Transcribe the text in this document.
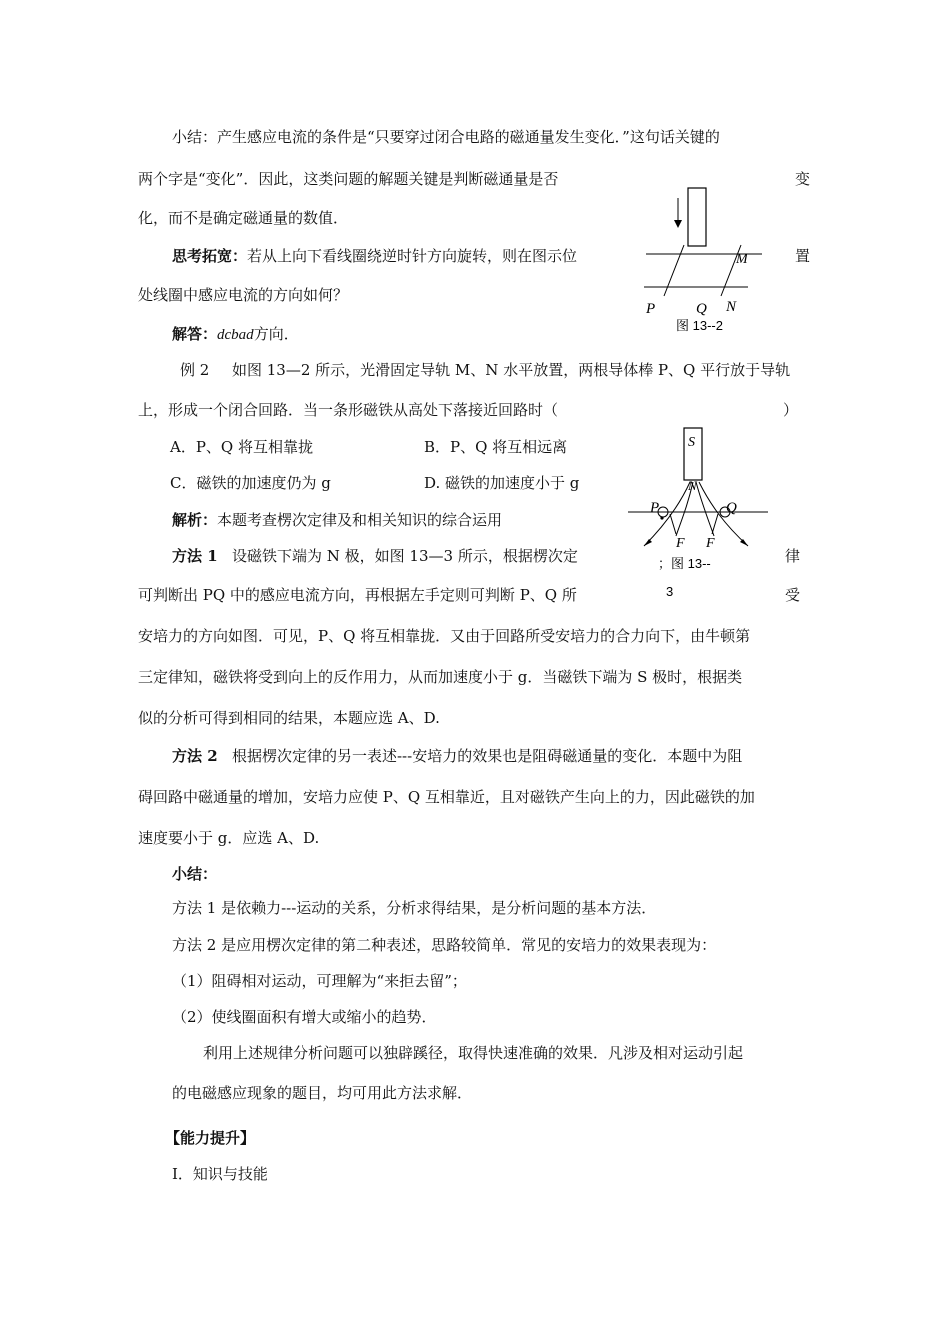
小结：产生感应电流的条件是“只要穿过闭合电路的磁通量发生变化．”这句话关键的
两个字是“变化”．因此，这类问题的解题关键是判断磁通量是否	变
化，而不是确定磁通量的数值．
思考拓宽：若从上向下看线圈绕逆时针方向旋转，则在图示位	置
处线圈中感应电流的方向如何？
解答：dcbad方向．
例 2 如图 13—2 所示，光滑固定导轨 M、N 水平放置，两根导体棒 P、Q 平行放于导轨
上，形成一个闭合回路．当一条形磁铁从高处下落接近回路时（	）
A．P、Q 将互相靠拢	B．P、Q 将互相远离
C．磁铁的加速度仍为 g	D. 磁铁的加速度小于 g
解析：本题考查楞次定律及和相关知识的综合运用
方法 1 设磁铁下端为 N 极，如图 13—3 所示，根据楞次定	律
可判断出 PQ 中的感应电流方向，再根据左手定则可判断 P、Q 所	受
安培力的方向如图．可见，P、Q 将互相靠拢．又由于回路所受安培力的合力向下，由牛顿第
三定律知，磁铁将受到向上的反作用力，从而加速度小于 g．当磁铁下端为 S 极时，根据类
似的分析可得到相同的结果，本题应选 A、D.
方法 2 根据楞次定律的另一表述---安培力的效果也是阻碍磁通量的变化．本题中为阻
碍回路中磁通量的增加，安培力应使 P、Q 互相靠近，且对磁铁产生向上的力，因此磁铁的加
速度要小于 g．应选 A、D.
小结：
方法 1 是依赖力---运动的关系，分析求得结果，是分析问题的基本方法．
方法 2 是应用楞次定律的第二种表述，思路较简单．常见的安培力的效果表现为：
（1）阻碍相对运动，可理解为“来拒去留”；
（2）使线圈面积有增大或缩小的趋势．
利用上述规律分析问题可以独辟蹊径，取得快速准确的效果．凡涉及相对运动引起
的电磁感应现象的题目，均可用此方法求解．
【能力提升】
Ⅰ．知识与技能
M
P	Q N
图 13--2
S
N
P	Q
F F
；图 13--
3
